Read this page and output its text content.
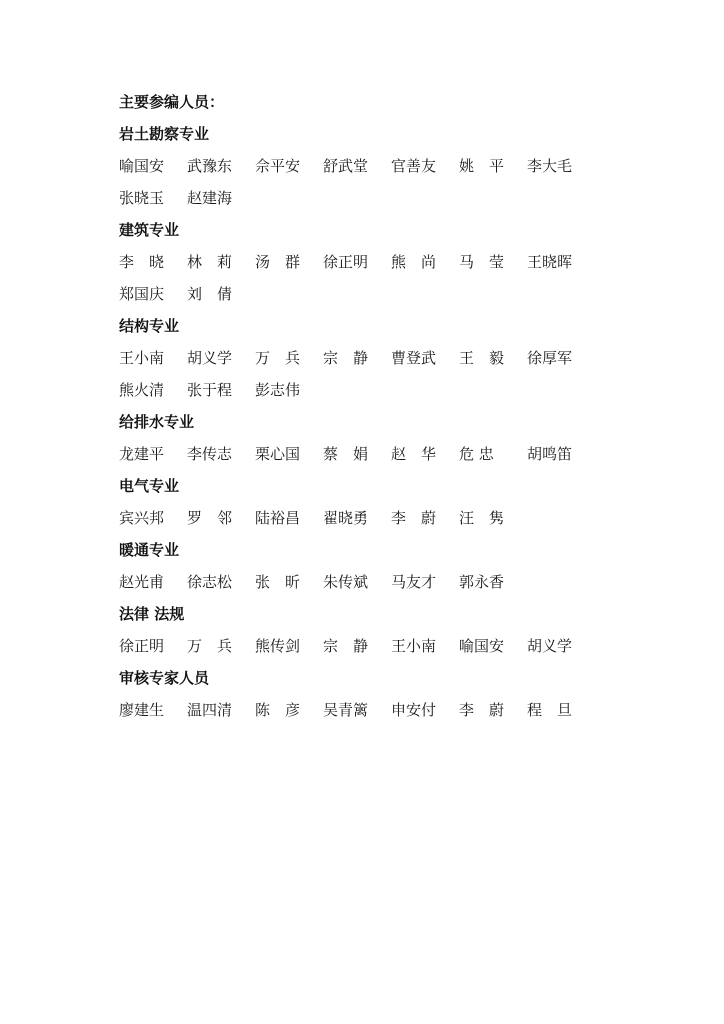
主要参编人员：
岩土勘察专业
喻国安	武豫东	佘平安	舒武堂	官善友	姚　平	李大毛
张晓玉	赵建海
建筑专业
李　晓	林　莉	汤　群	徐正明	熊　尚	马　莹	王晓晖
郑国庆	刘　倩
结构专业
王小南	胡义学	万　兵	宗　静	曹登武	王　毅	徐厚军
熊火清	张于程	彭志伟
给排水专业
龙建平	李传志	栗心国	蔡　娟	赵　华	危 忠	胡鸣笛
电气专业
宾兴邦	罗　邻	陆裕昌	翟晓勇	李　蔚	汪　隽
暖通专业
赵光甫	徐志松	张　昕	朱传斌	马友才	郭永香
法律 法规
徐正明	万　兵	熊传剑	宗　静	王小南	喻国安	胡义学
审核专家人员
廖建生	温四清	陈　彦	吴青篱	申安付	李　蔚	程　旦
